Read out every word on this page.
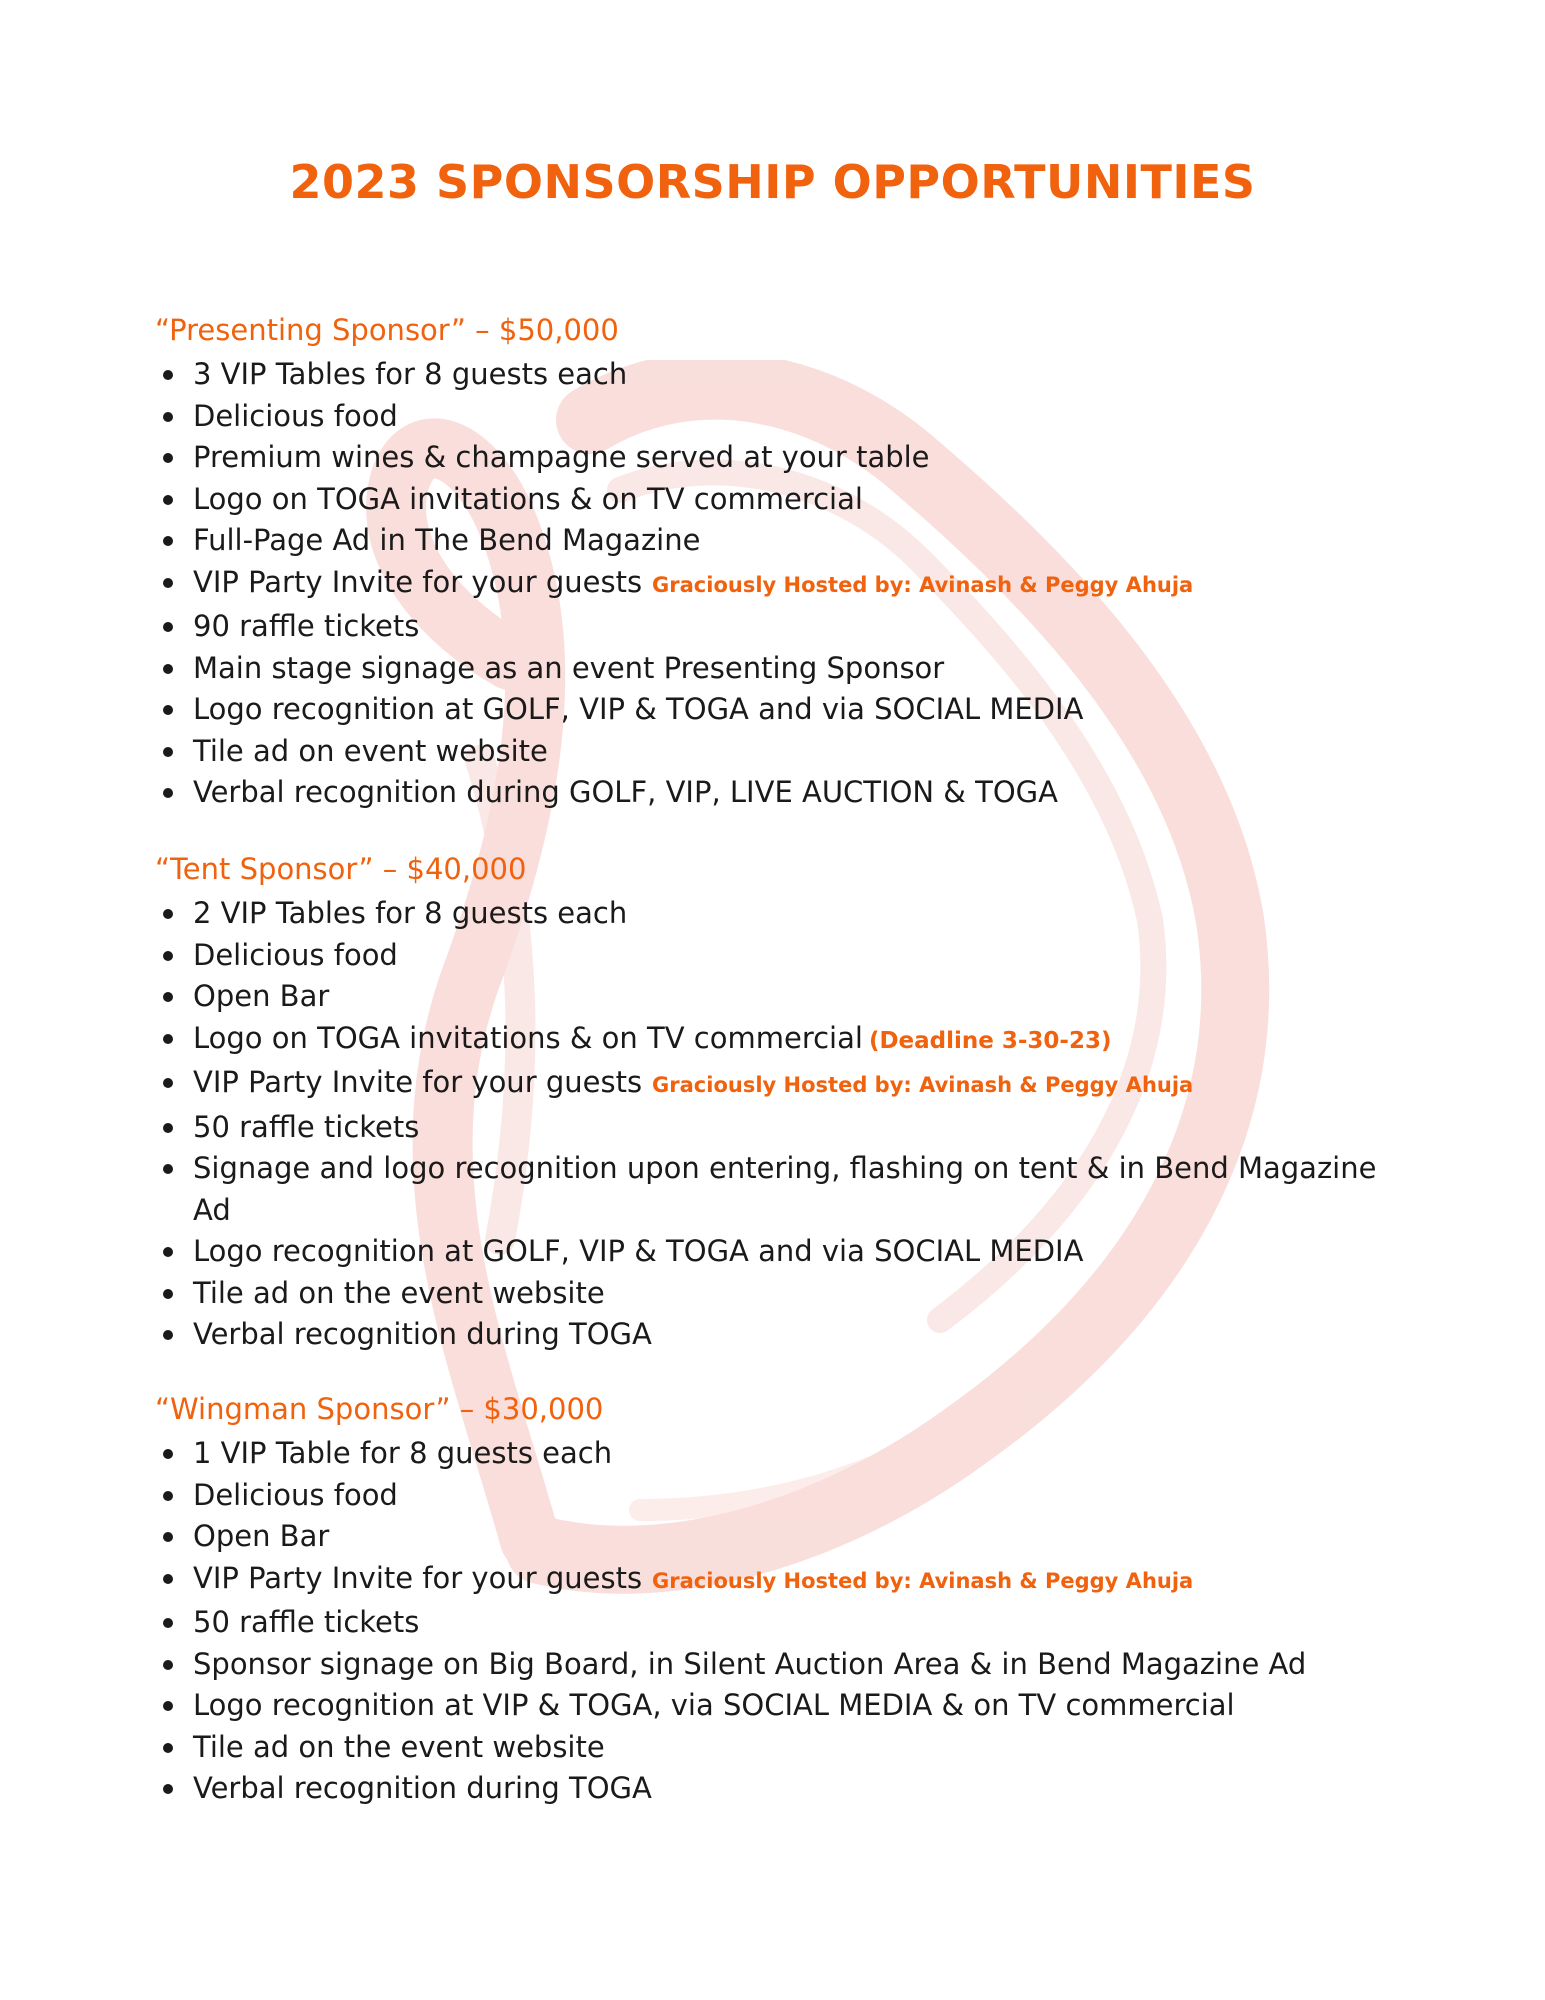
2023 SPONSORSHIP OPPORTUNITIES
“Presenting Sponsor” – $50,000
3 VIP Tables for 8 guests each
Delicious food
Premium wines & champagne served at your table
Logo on TOGA invitations & on TV commercial
Full-Page Ad in The Bend Magazine
VIP Party Invite for your guests Graciously Hosted by: Avinash & Peggy Ahuja
90 raffle tickets
Main stage signage as an event Presenting Sponsor
Logo recognition at GOLF, VIP & TOGA and via SOCIAL MEDIA
Tile ad on event website
Verbal recognition during GOLF, VIP, LIVE AUCTION & TOGA
“Tent Sponsor” – $40,000
2 VIP Tables for 8 guests each
Delicious food
Open Bar
Logo on TOGA invitations & on TV commercial (Deadline 3-30-23)
VIP Party Invite for your guests Graciously Hosted by: Avinash & Peggy Ahuja
50 raffle tickets
Signage and logo recognition upon entering, flashing on tent & in Bend Magazine Ad
Logo recognition at GOLF, VIP & TOGA and via SOCIAL MEDIA
Tile ad on the event website
Verbal recognition during TOGA
“Wingman Sponsor” – $30,000
1 VIP Table for 8 guests each
Delicious food
Open Bar
VIP Party Invite for your guests Graciously Hosted by: Avinash & Peggy Ahuja
50 raffle tickets
Sponsor signage on Big Board, in Silent Auction Area & in Bend Magazine Ad
Logo recognition at VIP & TOGA, via SOCIAL MEDIA & on TV commercial
Tile ad on the event website
Verbal recognition during TOGA
